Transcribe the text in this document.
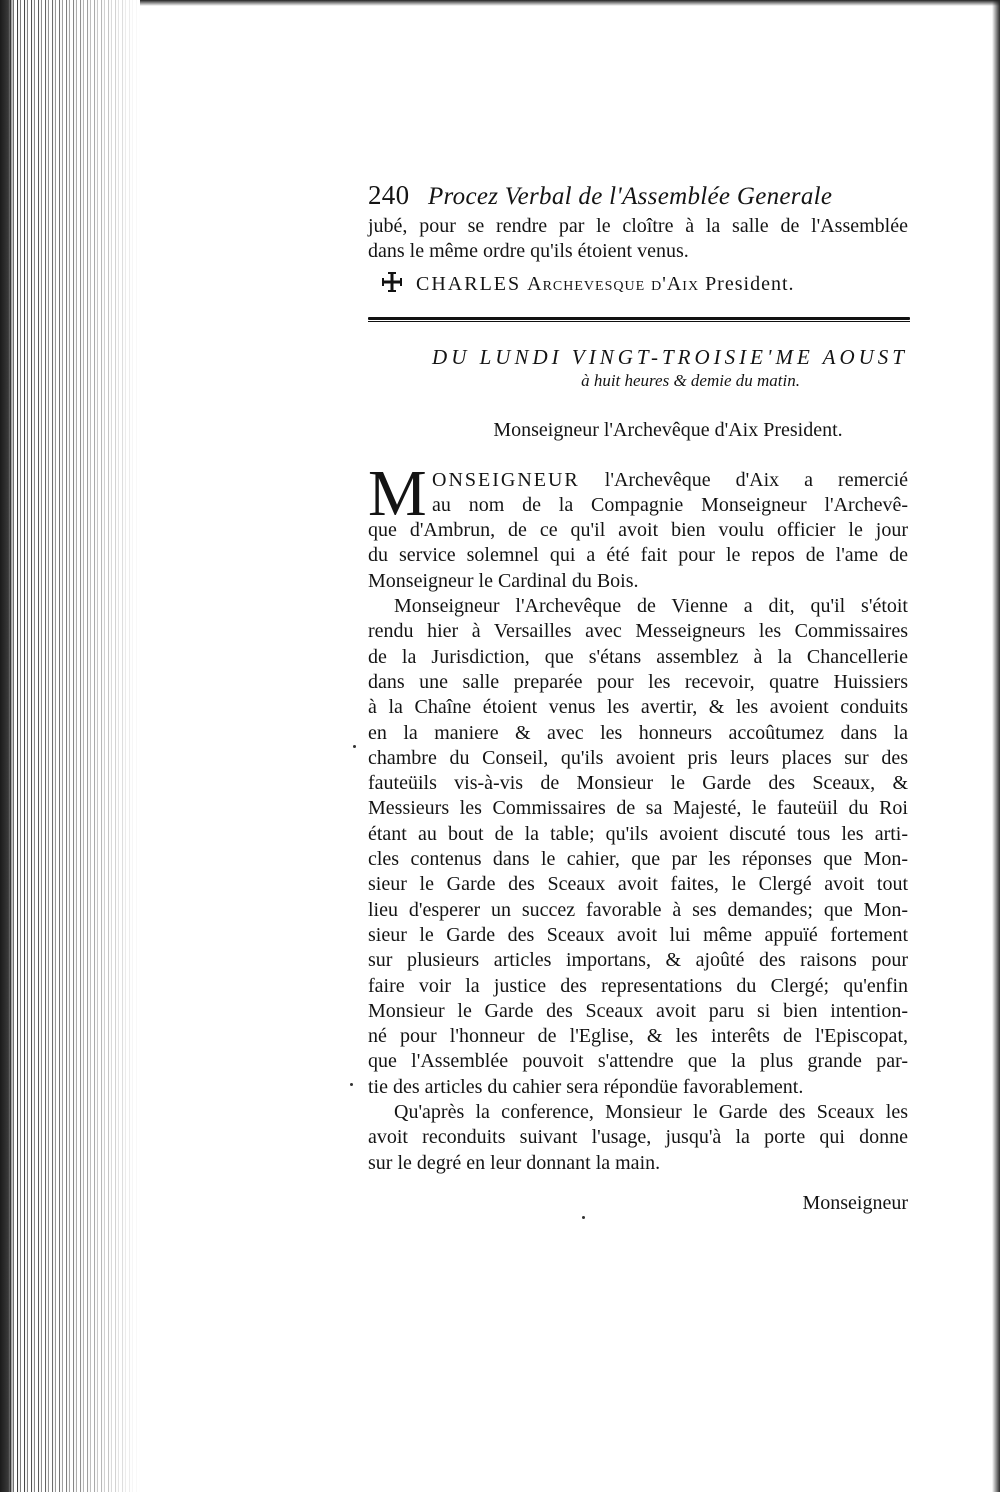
240 Procez Verbal de l'Assemblée Generale
jubé, pour se rendre par le cloître à la salle de l'Assemblée
dans le même ordre qu'ils étoient venus.
CHARLES Archevesque d'Aix President.
DU LUNDI VINGT-TROISIE'ME AOUST
à huit heures & demie du matin.
Monseigneur l'Archevêque d'Aix President.
M ONSEIGNEUR l'Archevêque d'Aix a remercié
au nom de la Compagnie Monseigneur l'Archevê-
que d'Ambrun, de ce qu'il avoit bien voulu officier le jour
du service solemnel qui a été fait pour le repos de l'ame de
Monseigneur le Cardinal du Bois.
Monseigneur l'Archevêque de Vienne a dit, qu'il s'étoit
rendu hier à Versailles avec Messeigneurs les Commissaires
de la Jurisdiction, que s'étans assemblez à la Chancellerie
dans une salle preparée pour les recevoir, quatre Huissiers
à la Chaîne étoient venus les avertir, & les avoient conduits
en la maniere & avec les honneurs accoûtumez dans la
chambre du Conseil, qu'ils avoient pris leurs places sur des
fauteüils vis-à-vis de Monsieur le Garde des Sceaux, &
Messieurs les Commissaires de sa Majesté, le fauteüil du Roi
étant au bout de la table; qu'ils avoient discuté tous les arti-
cles contenus dans le cahier, que par les réponses que Mon-
sieur le Garde des Sceaux avoit faites, le Clergé avoit tout
lieu d'esperer un succez favorable à ses demandes; que Mon-
sieur le Garde des Sceaux avoit lui même appuïé fortement
sur plusieurs articles importans, & ajoûté des raisons pour
faire voir la justice des representations du Clergé; qu'enfin
Monsieur le Garde des Sceaux avoit paru si bien intention-
né pour l'honneur de l'Eglise, & les interêts de l'Episcopat,
que l'Assemblée pouvoit s'attendre que la plus grande par-
tie des articles du cahier sera répondüe favorablement.
Qu'après la conference, Monsieur le Garde des Sceaux les
avoit reconduits suivant l'usage, jusqu'à la porte qui donne
sur le degré en leur donnant la main.
Monseigneur
